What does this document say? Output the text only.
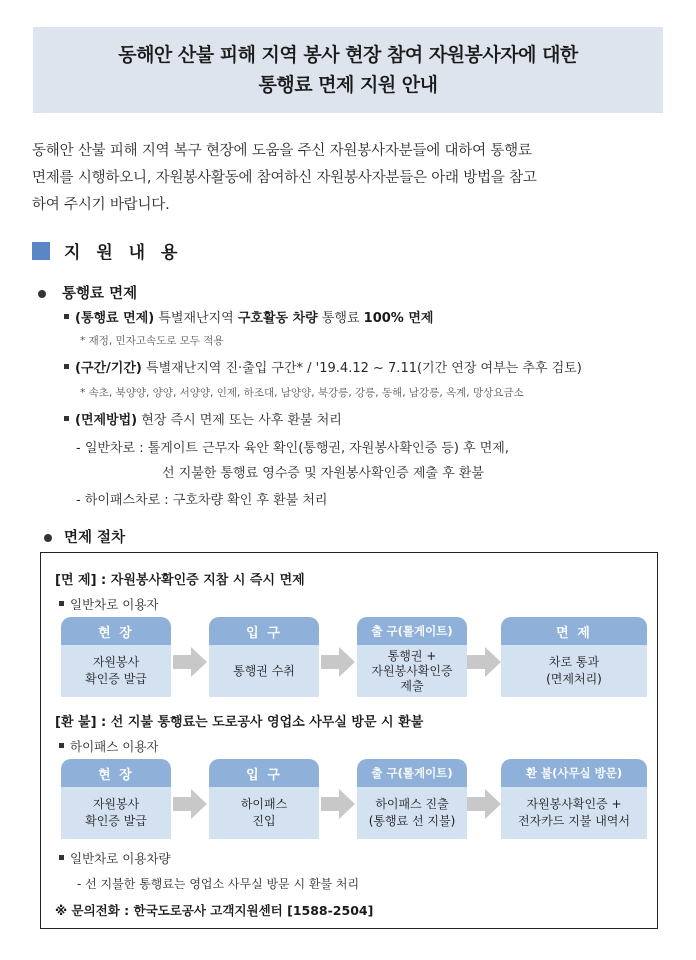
동해안 산불 피해 지역 봉사 현장 참여 자원봉사자에 대한
통행료 면제 지원 안내
동해안 산불 피해 지역 복구 현장에 도움을 주신 자원봉사자분들에 대하여 통행료
면제를 시행하오니, 자원봉사활동에 참여하신 자원봉사자분들은 아래 방법을 참고
하여 주시기 바랍니다.
지 원 내 용
통행료 면제
(통행료 면제) 특별재난지역 구호활동 차량 통행료 100% 면제
* 재정, 민자고속도로 모두 적용
(구간/기간) 특별재난지역 진·출입 구간* / '19.4.12 ~ 7.11(기간 연장 여부는 추후 검토)
* 속초, 북양양, 양양, 서양양, 인제, 하조대, 남양양, 북강릉, 강릉, 동해, 남강릉, 옥계, 망상요금소
(면제방법) 현장 즉시 면제 또는 사후 환불 처리
- 일반차로 : 톨게이트 근무자 육안 확인(통행권, 자원봉사확인증 등) 후 면제,
선 지불한 통행료 영수증 및 자원봉사확인증 제출 후 환불
- 하이패스차로 : 구호차량 확인 후 환불 처리
면제 절차
[면 제] : 자원봉사확인증 지참 시 즉시 면제
일반차로 이용자
현 장
자원봉사
확인증 발급
입 구
통행권 수취
출 구(톨게이트)
통행권 +
자원봉사확인증
제출
면 제
차로 통과
(면제처리)
[환 불] : 선 지불 통행료는 도로공사 영업소 사무실 방문 시 환불
하이패스 이용자
현 장
자원봉사
확인증 발급
입 구
하이패스
진입
출 구(톨게이트)
하이패스 진출
(통행료 선 지불)
환 불(사무실 방문)
자원봉사확인증 +
전자카드 지불 내역서
일반차로 이용차량
- 선 지불한 통행료는 영업소 사무실 방문 시 환불 처리
※ 문의전화 : 한국도로공사 고객지원센터 [1588-2504]
